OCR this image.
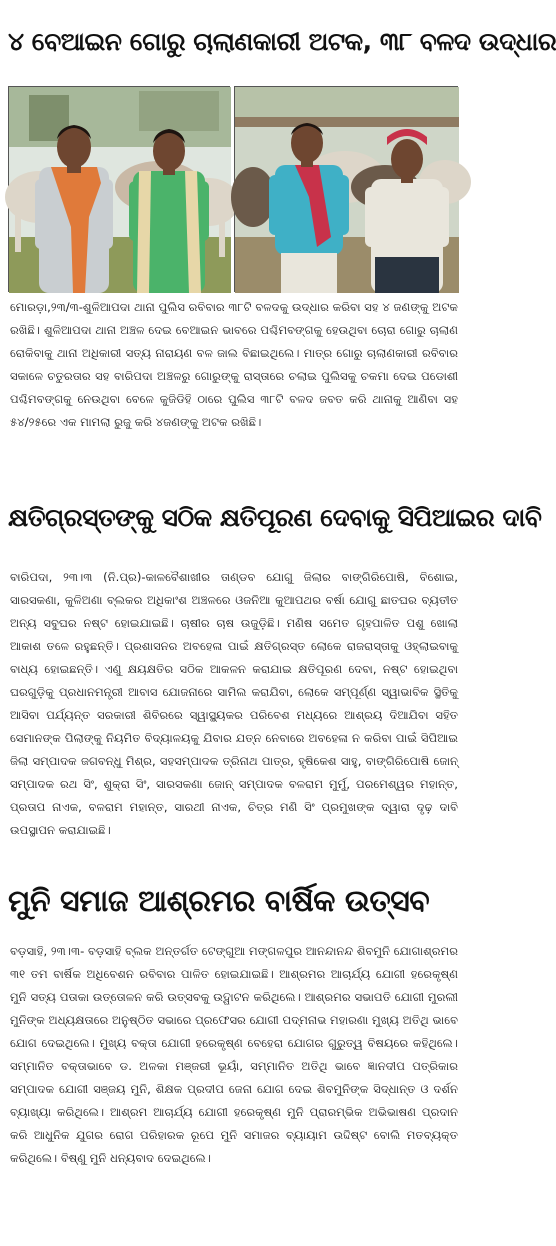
୪ ବେଆଇନ ଗୋରୁ ଚାଲାଣକାରୀ ଅଟକ, ୩୮ ବଳଦ ଉଦ୍ଧାର

ମୋରଡ଼ା,୨୩/୩-ଶୁଳିଆପଦା ଥାନା ପୁଲିସ ରବିବାର ୩୮ଟି ବଳଦକୁ ଉଦ୍ଧାର କରିବା ସହ ୪ ଜଣଙ୍କୁ ଅଟକ ରଖିଛି। ଶୁଳିଆପଦା ଥାନା ଅଞ୍ଚଳ ଦେଇ ବେଆଇନ ଭାବରେ ପଶ୍ଚିମବଙ୍ଗକୁ ହେଉଥିବା ଚୋରା ଗୋରୁ ଚାଲାଣ ରୋକିବାକୁ ଥାନା ଅଧିକାରୀ ସତ୍ୟ ନାରାୟଣ ବଳ ଜାଲ ବିଛାଇଥିଲେ। ମାତ୍ର ଗୋରୁ ଚାଲାଣକାରୀ ରବିବାର ସକାଳେ ଚତୁରତାର ସହ ବାରିପଦା ଅଞ୍ଚଳରୁ ଗୋରୁଙ୍କୁ ରାସ୍ତାରେ ଚଲାଇ ପୁଲିସକୁ ଚକମା ଦେଇ ପଡୋଶୀ ପଶ୍ଚିମବଙ୍ଗକୁ ନେଉଥିବା ବେଳେ କୁଜିଡିହି ଠାରେ ପୁଲିସ ୩୮ଟି ବଳଦ ଜବତ କରି ଥାନାକୁ ଆଣିବା ସହ ୫୪/୨୫ରେ ଏକ ମାମଲା ରୁଜୁ କରି ୪ଜଣଙ୍କୁ ଅଟକ ରଖିଛି।

କ୍ଷତିଗ୍ରସ୍ତଙ୍କୁ ସଠିକ କ୍ଷତିପୂରଣ ଦେବାକୁ ସିପିଆଇର ଦାବି

ବାରିପଦା, ୨୩।୩ (ନି.ପ୍ର)-କାଳବୈଶାଖୀର ତାଣ୍ଡବ ଯୋଗୁ ଜିଲାର ବାଙ୍ଗିରିପୋଷି, ବିଶୋଇ, ସାରସକଣା, କୁଳିଅଣା ବ୍ଲକର ଅଧିକାଂଶ ଅଞ୍ଚଳରେ ଓଜନିଆ କୁଆପଥର ବର୍ଷା ଯୋଗୁ ଛାତଘର ବ୍ୟତୀତ ଅନ୍ୟ ସବୁଘର ନଷ୍ଟ ହୋଇଯାଇଛି। ଚାଷୀର ଚାଷ ଉଜୁଡ଼ିଛି। ମଣିଷ ସମେତ ଗୃହପାଳିତ ପଶୁ ଖୋଲା ଆକାଶ ତଳେ ରହୁଛନ୍ତି। ପ୍ରଶାସନର ଅବହେଳା ପାଇଁ କ୍ଷତିଗ୍ରସ୍ତ ଲୋକେ ରାଜରାସ୍ତାକୁ ଓହ୍ଲାଇବାକୁ ବାଧ୍ୟ ହୋଇଛନ୍ତି। ଏଣୁ କ୍ଷୟକ୍ଷତିର ସଠିକ ଆକଳନ କରାଯାଇ କ୍ଷତିପୂରଣ ଦେବା, ନଷ୍ଟ ହୋଇଥିବା ଘରଗୁଡ଼ିକୁ ପ୍ରଧାନମନ୍ତ୍ରୀ ଆବାସ ଯୋଜନାରେ ସାମିଲ କରାଯିବା, ଲୋକେ ସମ୍ପୂର୍ଣ୍ଣ ସ୍ୱାଭାବିକ ସ୍ଥିତିକୁ ଆସିବା ପର୍ଯ୍ୟନ୍ତ ସରକାରୀ ଶିବିରରେ ସ୍ୱାସ୍ଥ୍ୟକର ପରିବେଶ ମଧ୍ୟରେ ଆଶ୍ରୟ ଦିଆଯିବା ସହିତ ସେମାନଙ୍କ ପିଲାଙ୍କୁ ନିୟମିତ ବିଦ୍ୟାଳୟକୁ ଯିବାର ଯତ୍ନ ନେବାରେ ଅବହେଳା ନ କରିବା ପାଇଁ ସିପିଆଇ ଜିଲା ସମ୍ପାଦକ ଜଗବନ୍ଧୁ ମିଶ୍ର, ସହସମ୍ପାଦକ ତ୍ରିନାଥ ପାତ୍ର, ହୃଷିକେଶ ସାହୁ, ବାଙ୍ଗିରିପୋଷି ଜୋନ୍ ସମ୍ପାଦକ ରଥ ସିଂ, ଶୁକ୍ରା ସିଂ, ସାରସକଣା ଜୋନ୍ ସମ୍ପାଦକ ବଳରାମ ମୁର୍ମୁ, ପରମେଶ୍ୱର ମହାନ୍ତ, ପ୍ରତାପ ନାଏକ, ବଳରାମ ମହାନ୍ତ, ସାରଥୀ ନାଏକ, ଚିତ୍ର ମଣି ସିଂ ପ୍ରମୁଖଙ୍କ ଦ୍ୱାରା ଦୃଢ଼ ଦାବି ଉପସ୍ଥାପନ କରାଯାଇଛି।

ମୁନି ସମାଜ ଆଶ୍ରମର ବାର୍ଷିକ ଉତ୍ସବ

ବଡ଼ସାହି, ୨୩।୩- ବଡ଼ସାହି ବ୍ଲକ ଅନ୍ତର୍ଗତ ଟେଙ୍ଗୁଆ ମଙ୍ଗଳପୁର ଆନନ୍ଦାନନ୍ଦ ଶିବମୁନି ଯୋଗାଶ୍ରମର ୩୧ ତମ ବାର୍ଷିକ ଅଧିବେଶନ ରବିବାର ପାଳିତ ହୋଇଯାଇଛି। ଆଶ୍ରମର ଆଚାର୍ଯ୍ୟ ଯୋଗୀ ହରେକୃଷ୍ଣ ମୁନି ସତ୍ୟ ପତାକା ଉତ୍ତୋଳନ କରି ଉତ୍ସବକୁ ଉଦ୍ଘାଟନ କରିଥିଲେ। ଆଶ୍ରମର ସଭାପତି ଯୋଗୀ ମୁରଲୀ ମୁନିଙ୍କ ଅଧ୍ୟକ୍ଷତାରେ ଅନୁଷ୍ଠିତ ସଭାରେ ପ୍ରଫେସର ଯୋଗୀ ପଦ୍ମନାଭ ମହାରଣା ମୁଖ୍ୟ ଅତିଥି ଭାବେ ଯୋଗ ଦେଇଥିଲେ। ମୁଖ୍ୟ ବକ୍ତା ଯୋଗୀ ହରେକୃଷ୍ଣ ବେହେରା ଯୋଗର ଗୁରୁତ୍ୱ ବିଷୟରେ କହିଥିଲେ। ସମ୍ମାନିତ ବକ୍ତାଭାବେ ଡ. ଅଳକା ମଞ୍ଜରୀ ଭୂୟାଁ, ସମ୍ମାନିତ ଅତିଥି ଭାବେ ଜ୍ଞାନଦୀପ ପତ୍ରିକାର ସମ୍ପାଦକ ଯୋଗୀ ସଞ୍ଜୟ ମୁନି, ଶିକ୍ଷକ ପ୍ରଦୀପ ଜେନା ଯୋଗ ଦେଇ ଶିବମୁନିଙ୍କ ସିଦ୍ଧାନ୍ତ ଓ ଦର୍ଶନ ବ୍ୟାଖ୍ୟା କରିଥିଲେ। ଆଶ୍ରମ ଆଚାର୍ଯ୍ୟ ଯୋଗୀ ହରେକୃଷ୍ଣ ମୁନି ପ୍ରାରମ୍ଭିକ ଅଭିଭାଷଣ ପ୍ରଦାନ କରି ଆଧୁନିକ ଯୁଗର ରୋଗ ପରିହାରକ ରୂପେ ମୁନି ସମାଜର ବ୍ୟାୟାମ ଉଦ୍ଦିଷ୍ଟ ବୋଲି ମତବ୍ୟକ୍ତ କରିଥିଲେ। ବିଷ୍ଣୁ ମୁନି ଧନ୍ୟବାଦ ଦେଇଥିଲେ।
